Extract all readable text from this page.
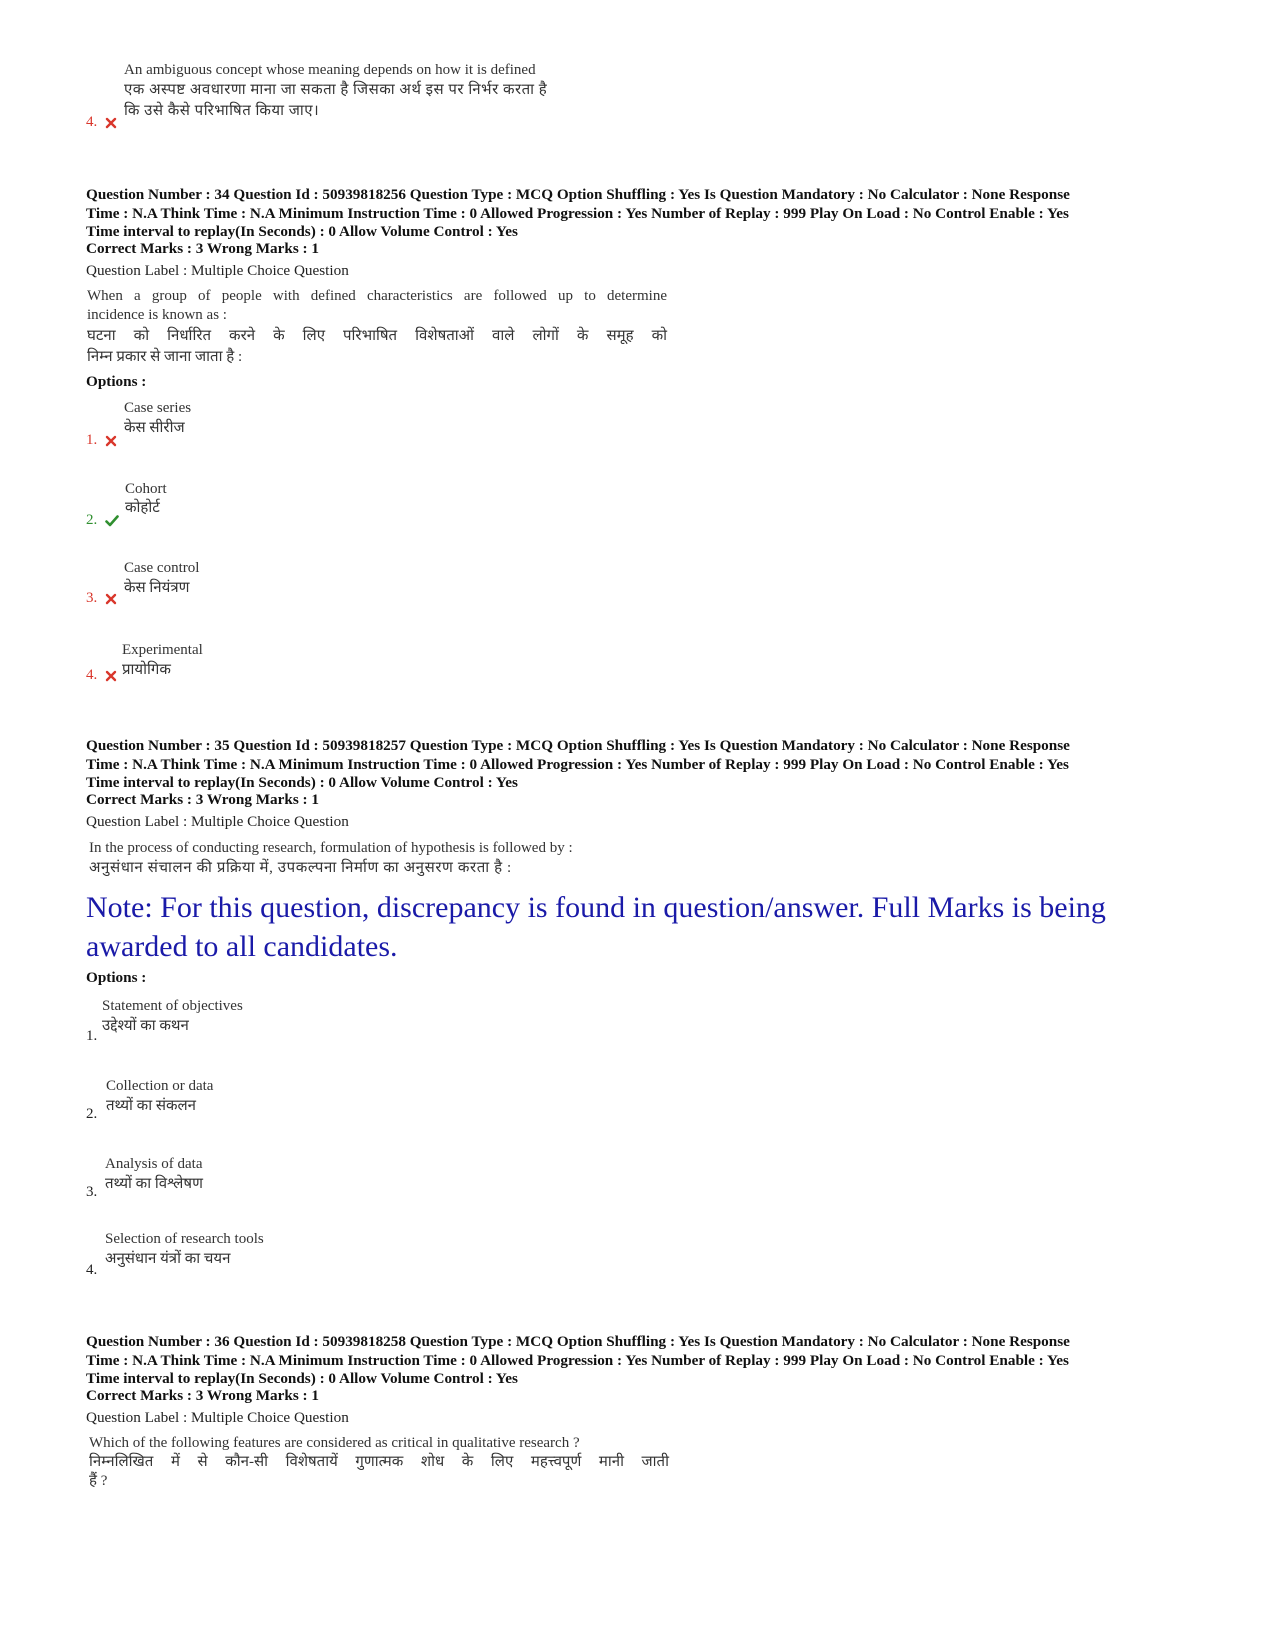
An ambiguous concept whose meaning depends on how it is defined
एक अस्पष्ट अवधारणा माना जा सकता है जिसका अर्थ इस पर निर्भर करता है
कि उसे कैसे परिभाषित किया जाए।
4.
Question Number : 34 Question Id : 50939818256 Question Type : MCQ Option Shuffling : Yes Is Question Mandatory : No Calculator : None Response
Time : N.A Think Time : N.A Minimum Instruction Time : 0 Allowed Progression : Yes Number of Replay : 999 Play On Load : No Control Enable : Yes
Time interval to replay(In Seconds) : 0 Allow Volume Control : Yes
Correct Marks : 3 Wrong Marks : 1
Question Label : Multiple Choice Question
When a group of people with defined characteristics are followed up to determine
incidence is known as :
घटना को निर्धारित करने के लिए परिभाषित विशेषताओं वाले लोगों के समूह को
निम्न प्रकार से जाना जाता है :
Options :
Case series
केस सीरीज
1.
Cohort
कोहोर्ट
2.
Case control
केस नियंत्रण
3.
Experimental
प्रायोगिक
4.
Question Number : 35 Question Id : 50939818257 Question Type : MCQ Option Shuffling : Yes Is Question Mandatory : No Calculator : None Response
Time : N.A Think Time : N.A Minimum Instruction Time : 0 Allowed Progression : Yes Number of Replay : 999 Play On Load : No Control Enable : Yes
Time interval to replay(In Seconds) : 0 Allow Volume Control : Yes
Correct Marks : 3 Wrong Marks : 1
Question Label : Multiple Choice Question
In the process of conducting research, formulation of hypothesis is followed by :
अनुसंधान संचालन की प्रक्रिया में, उपकल्पना निर्माण का अनुसरण करता है :
Note: For this question, discrepancy is found in question/answer. Full Marks is being awarded to all candidates.
Options :
Statement of objectives
उद्देश्यों का कथन
1.
Collection or data
तथ्यों का संकलन
2.
Analysis of data
तथ्यों का विश्लेषण
3.
Selection of research tools
अनुसंधान यंत्रों का चयन
4.
Question Number : 36 Question Id : 50939818258 Question Type : MCQ Option Shuffling : Yes Is Question Mandatory : No Calculator : None Response
Time : N.A Think Time : N.A Minimum Instruction Time : 0 Allowed Progression : Yes Number of Replay : 999 Play On Load : No Control Enable : Yes
Time interval to replay(In Seconds) : 0 Allow Volume Control : Yes
Correct Marks : 3 Wrong Marks : 1
Question Label : Multiple Choice Question
Which of the following features are considered as critical in qualitative research ?
निम्नलिखित में से कौन-सी विशेषतायें गुणात्मक शोध के लिए महत्त्वपूर्ण मानी जाती
हैं ?
